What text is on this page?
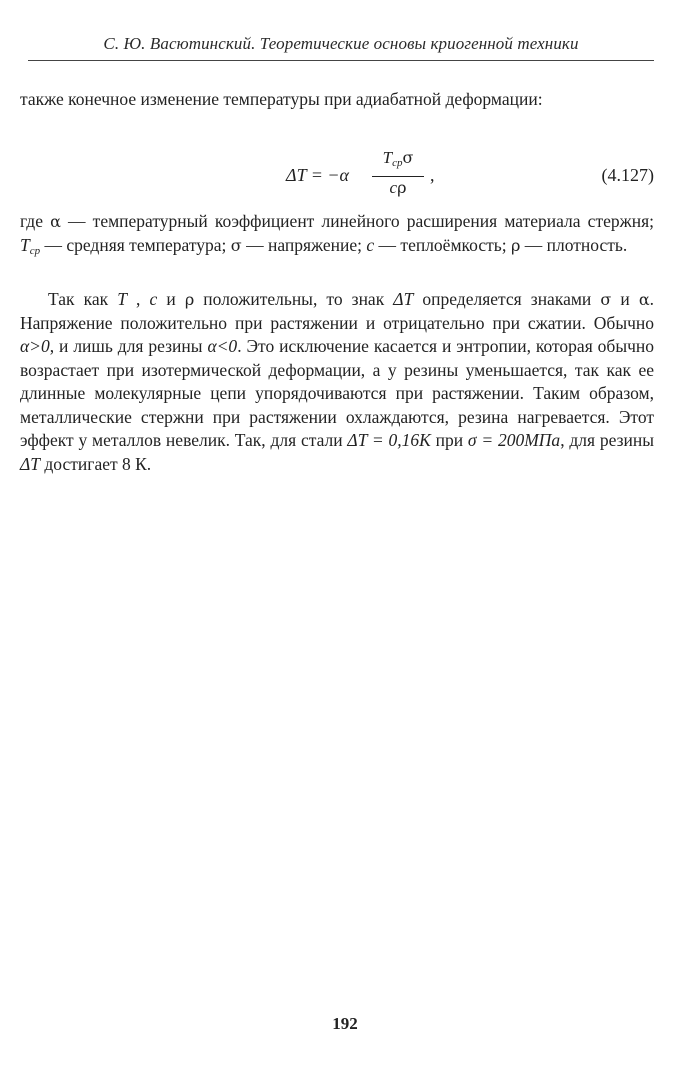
С. Ю. Васютинский. Теоретические основы криогенной техники
также конечное изменение температуры при адиабатной деформации:
ΔT = −α
$T_{ср}\sigma$
cρ
,	(4.127)
где α — температурный коэффициент линейного расширения материала стержня; $T_{ср}$ — средняя температура; σ — напряжение; c — теплоёмкость; ρ — плотность.
Так как T , c и ρ положительны, то знак ΔT определяется знаками σ и α. Напряжение положительно при растяжении и отрицательно при сжатии. Обычно α>0, и лишь для резины α<0. Это исключение касается и энтропии, которая обычно возрастает при изотермической деформации, а у резины уменьшается, так как ее длинные молекулярные цепи упорядочиваются при растяжении. Таким образом, металлические стержни при растяжении охлаждаются, резина нагревается. Этот эффект у металлов невелик. Так, для стали ΔT = 0,16K при σ = 200MПa, для резины ΔT достигает 8 К.
192
